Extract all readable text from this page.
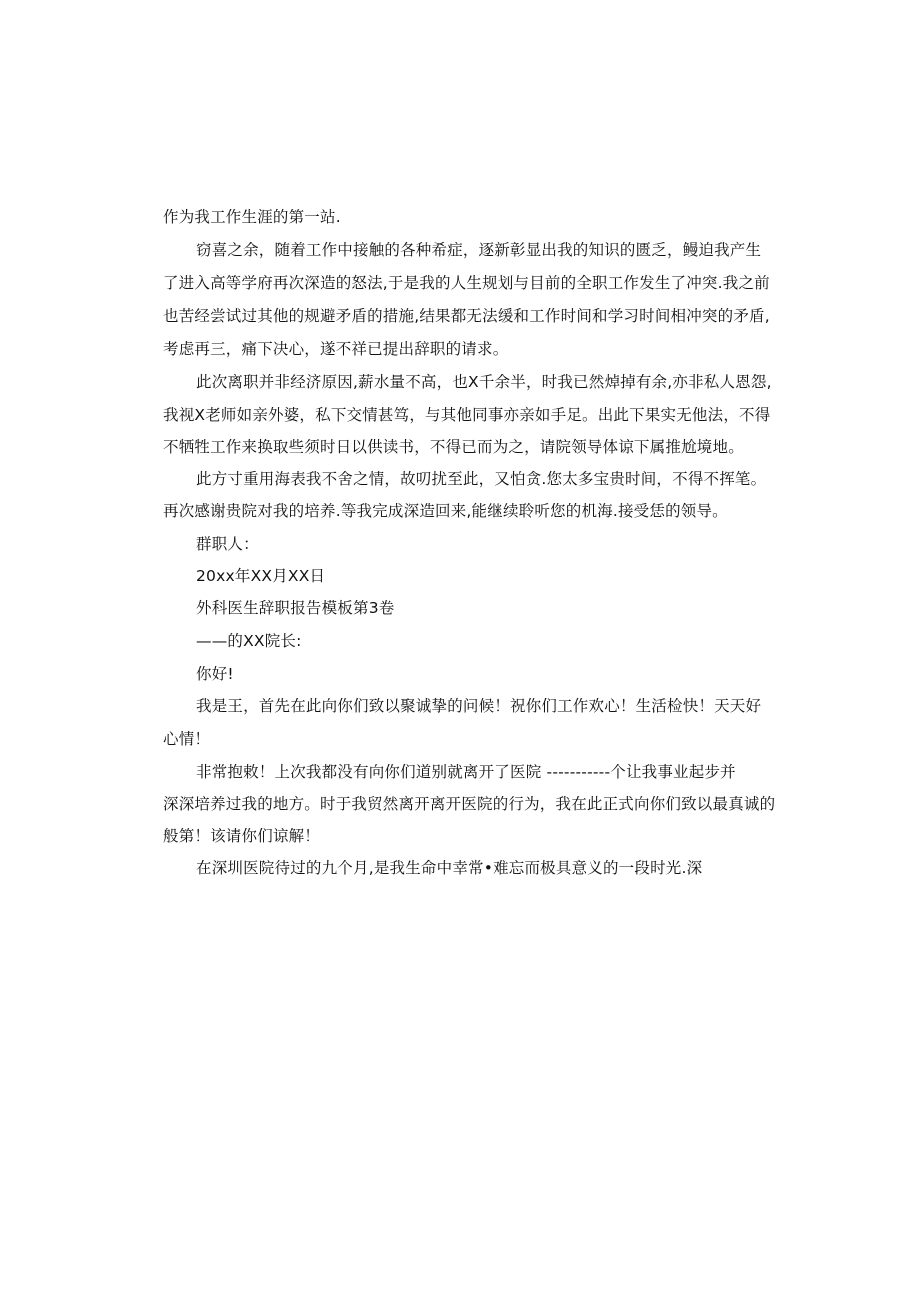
作为我工作生涯的第一站.
窃喜之余，随着工作中接触的各种希症，逐新彰显出我的知识的匮乏，鳗迫我产生
了进入高等学府再次深造的怒法,于是我的人生规划与目前的全职工作发生了冲突.我之前
也苦经尝试过其他的规避矛盾的措施,结果都无法缓和工作时间和学习时间相冲突的矛盾,
考虑再三，痛下决心，遂不祥已提出辞职的请求。
此次离职并非经济原因,薪水量不高，也X千余半，时我已然焯掉有余,亦非私人恩怨,
我视X老师如亲外婆，私下交情甚笃，与其他同事亦亲如手足。出此下果实无他法，不得
不牺牲工作来换取些须时日以供读书，不得已而为之，请院领导体谅下属推尬境地。
此方寸重用海表我不舍之情，故叨扰至此，又怕贪.您太多宝贵时间，不得不挥笔。
再次感谢贵院对我的培养.等我完成深造回来,能继续聆听您的机海.接受恁的领导。
群职人：
20xx年XX月XX日
外科医生辞职报告模板第3卷
——的XX院长:
你好!
我是王，首先在此向你们致以聚诚挚的问候！祝你们工作欢心！生活检快！天天好
心情！
非常抱敕！上次我都没有向你们道别就离开了医院 -----------个让我事业起步并
深深培养过我的地方。时于我贸然离开离开医院的行为，我在此正式向你们致以最真诚的
般第！该请你们谅解！
在深圳医院待过的九个月,是我生命中幸常•难忘而极具意义的一段时光.深
